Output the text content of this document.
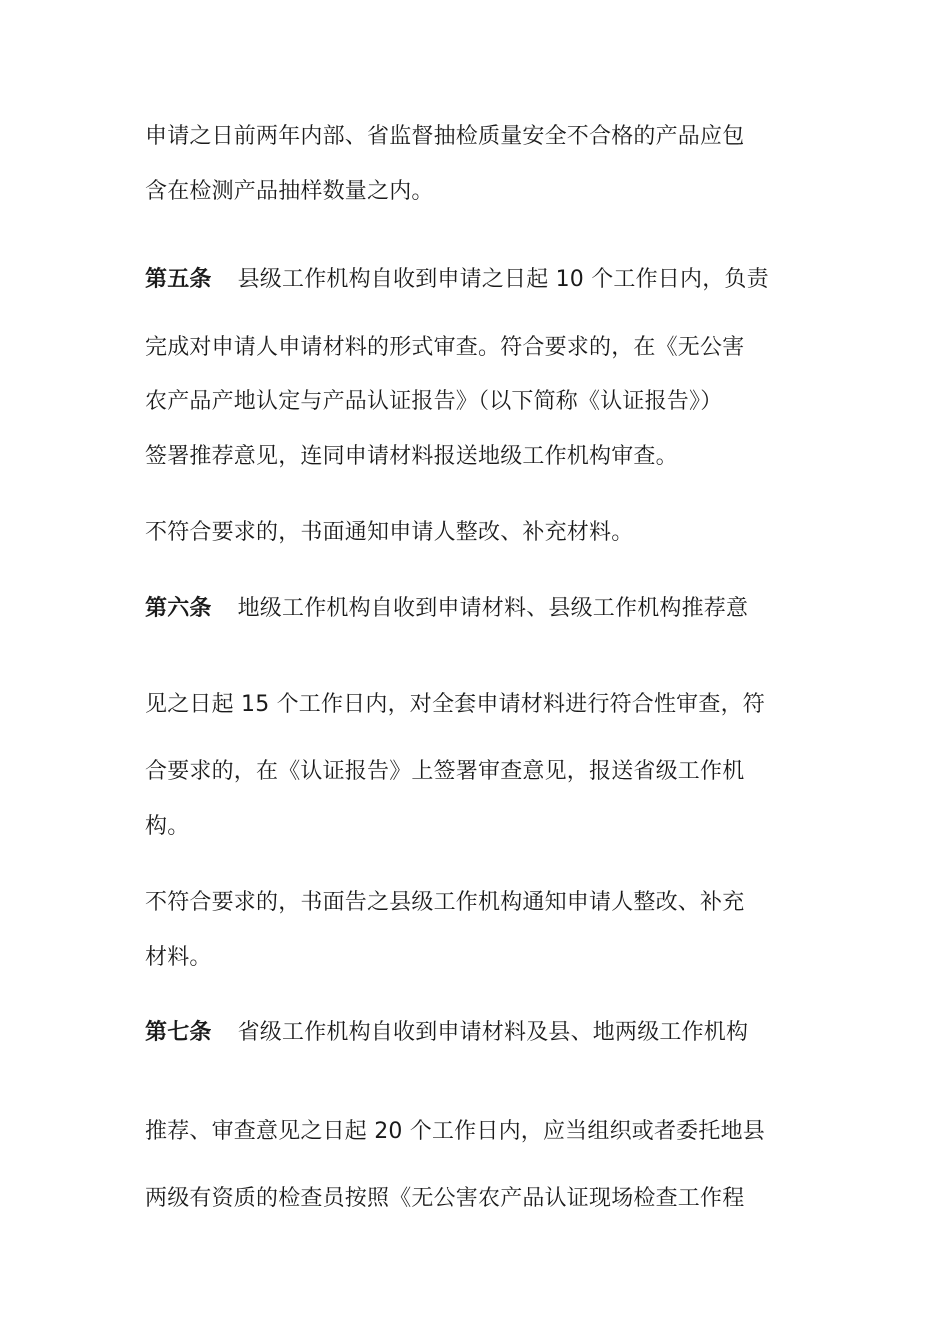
申请之日前两年内部、省监督抽检质量安全不合格的产品应包
含在检测产品抽样数量之内。
第五条 县级工作机构自收到申请之日起 10 个工作日内，负责
完成对申请人申请材料的形式审查。符合要求的，在《无公害
农产品产地认定与产品认证报告》（以下简称《认证报告》）
签署推荐意见，连同申请材料报送地级工作机构审查。
不符合要求的，书面通知申请人整改、补充材料。
第六条 地级工作机构自收到申请材料、县级工作机构推荐意
见之日起 15 个工作日内，对全套申请材料进行符合性审查，符
合要求的，在《认证报告》上签署审查意见，报送省级工作机
构。
不符合要求的，书面告之县级工作机构通知申请人整改、补充
材料。
第七条 省级工作机构自收到申请材料及县、地两级工作机构
推荐、审查意见之日起 20 个工作日内，应当组织或者委托地县
两级有资质的检查员按照《无公害农产品认证现场检查工作程
